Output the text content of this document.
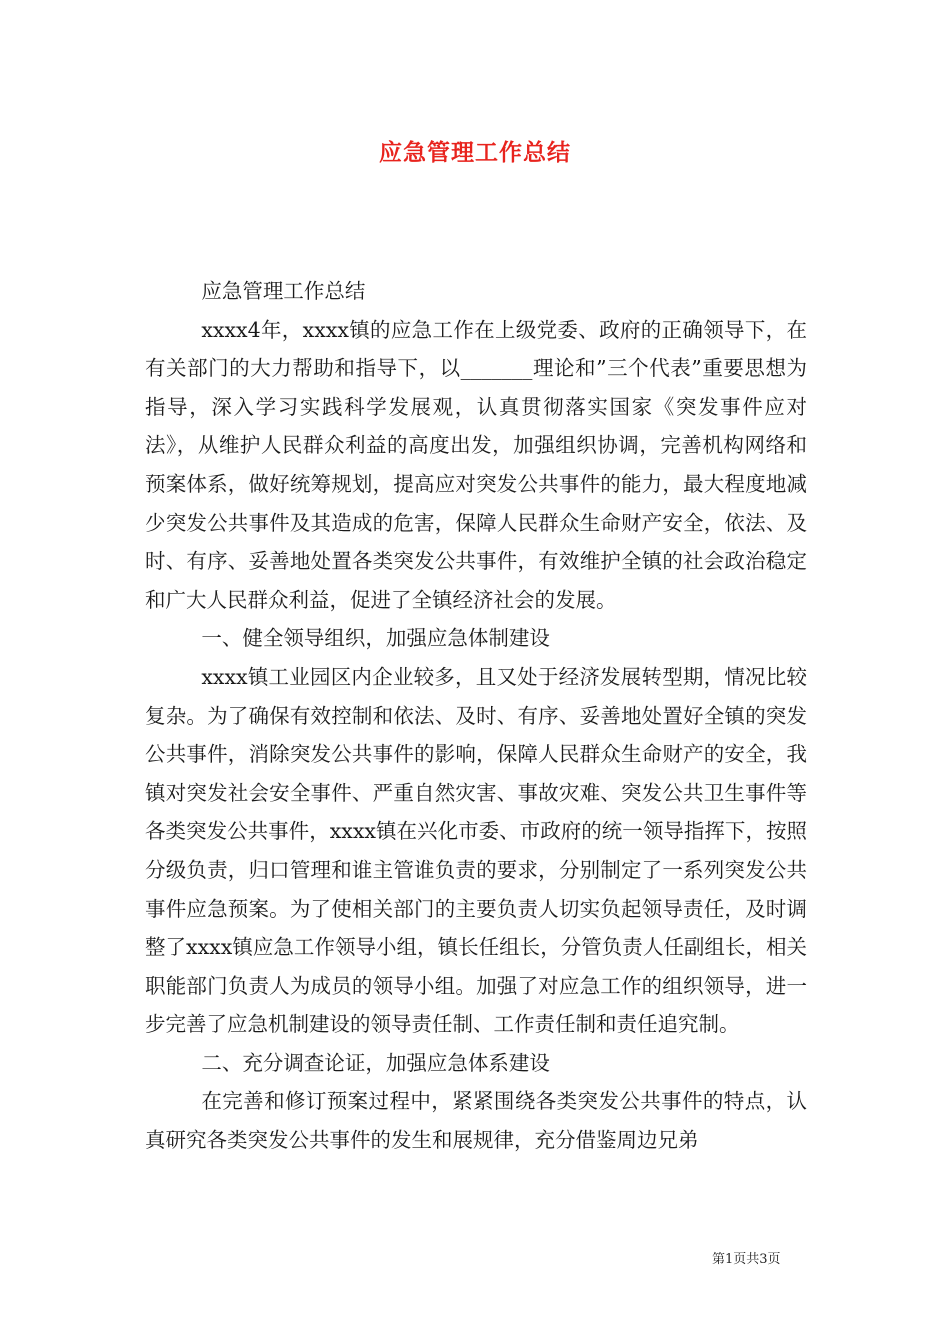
应急管理工作总结

应急管理工作总结

xxxx4年，xxxx镇的应急工作在上级党委、政府的正确领导下，在有关部门的大力帮助和指导下，以_______理论和”三个代表”重要思想为指导，深入学习实践科学发展观，认真贯彻落实国家《突发事件应对法》，从维护人民群众利益的高度出发，加强组织协调，完善机构网络和预案体系，做好统筹规划，提高应对突发公共事件的能力，最大程度地减少突发公共事件及其造成的危害，保障人民群众生命财产安全，依法、及时、有序、妥善地处置各类突发公共事件，有效维护全镇的社会政治稳定和广大人民群众利益，促进了全镇经济社会的发展。

一、健全领导组织，加强应急体制建设

xxxx镇工业园区内企业较多，且又处于经济发展转型期，情况比较复杂。为了确保有效控制和依法、及时、有序、妥善地处置好全镇的突发公共事件，消除突发公共事件的影响，保障人民群众生命财产的安全，我镇对突发社会安全事件、严重自然灾害、事故灾难、突发公共卫生事件等各类突发公共事件，xxxx镇在兴化市委、市政府的统一领导指挥下，按照分级负责，归口管理和谁主管谁负责的要求，分别制定了一系列突发公共事件应急预案。为了使相关部门的主要负责人切实负起领导责任，及时调整了xxxx镇应急工作领导小组，镇长任组长，分管负责人任副组长，相关职能部门负责人为成员的领导小组。加强了对应急工作的组织领导，进一步完善了应急机制建设的领导责任制、工作责任制和责任追究制。

二、充分调查论证，加强应急体系建设

在完善和修订预案过程中，紧紧围绕各类突发公共事件的特点，认真研究各类突发公共事件的发生和展规律，充分借鉴周边兄弟

第1页共3页
